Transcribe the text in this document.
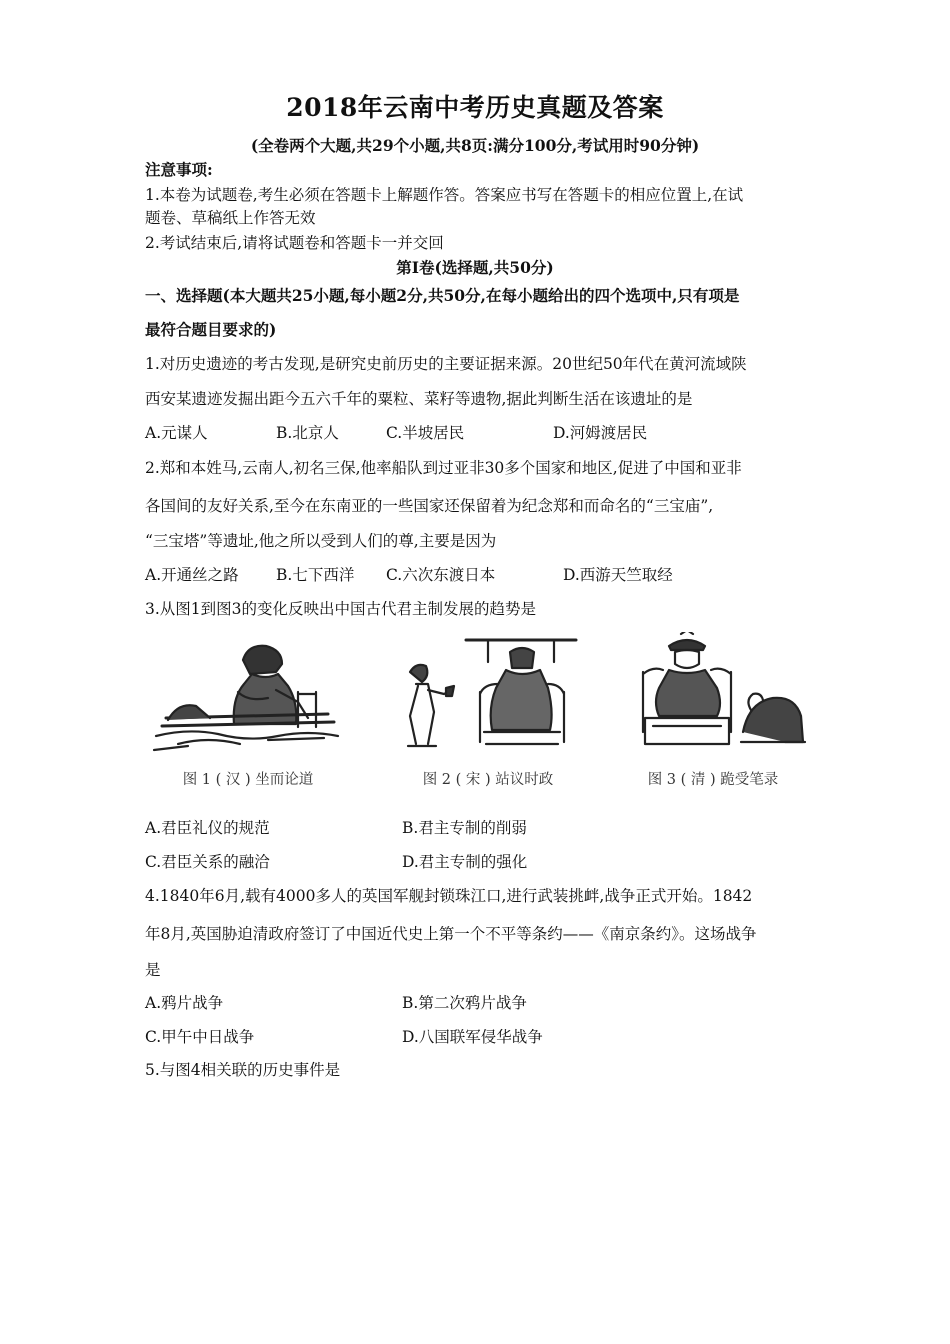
2018年云南中考历史真题及答案
(全卷两个大题,共29个小题,共8页:满分100分,考试用时90分钟)
注意事项:
1.本卷为试题卷,考生必须在答题卡上解题作答。答案应书写在答题卡的相应位置上,在试
题卷、草稿纸上作答无效
2.考试结束后,请将试题卷和答题卡一并交回
第Ⅰ卷(选择题,共50分)
一、选择题(本大题共25小题,每小题2分,共50分,在每小题给出的四个选项中,只有项是
最符合题目要求的)
1.对历史遗迹的考古发现,是研究史前历史的主要证据来源。20世纪50年代在黄河流域陕
西安某遗迹发掘出距今五六千年的粟粒、菜籽等遗物,据此判断生活在该遗址的是
A.元谋人	B.北京人	C.半坡居民	D.河姆渡居民
2.郑和本姓马,云南人,初名三保,他率船队到过亚非30多个国家和地区,促进了中国和亚非
各国间的友好关系,至今在东南亚的一些国家还保留着为纪念郑和而命名的“三宝庙”,
“三宝塔”等遗址,他之所以受到人们的尊,主要是因为
A.开通丝之路 B.七下西洋 C.六次东渡日本	D.西游天竺取经
3.从图1到图3的变化反映出中国古代君主制发展的趋势是
图 1 ( 汉 ) 坐而论道	图 2 ( 宋 ) 站议时政	图 3 ( 清 ) 跪受笔录
A.君臣礼仪的规范	B.君主专制的削弱
C.君臣关系的融洽	D.君主专制的强化
4.1840年6月,载有4000多人的英国军舰封锁珠江口,进行武装挑衅,战争正式开始。1842
年8月,英国胁迫清政府签订了中国近代史上第一个不平等条约——《南京条约》。这场战争
是
A.鸦片战争	B.第二次鸦片战争
C.甲午中日战争	D.八国联军侵华战争
5.与图4相关联的历史事件是
